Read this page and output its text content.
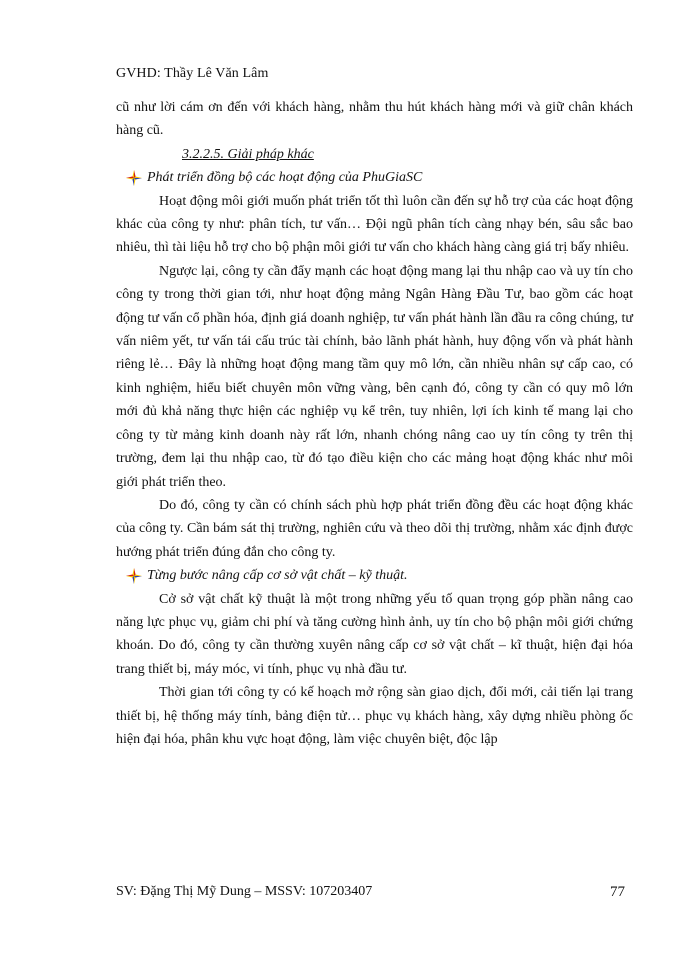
GVHD: Thầy Lê Văn Lâm

cũ như lời cám ơn đến với khách hàng, nhằm thu hút khách hàng mới và giữ chân khách hàng cũ.

3.2.2.5. Giải pháp khác

Phát triển đồng bộ các hoạt động của PhuGiaSC

Hoạt động môi giới muốn phát triển tốt thì luôn cần đến sự hỗ trợ của các hoạt động khác của công ty như: phân tích, tư vấn… Đội ngũ phân tích càng nhạy bén, sâu sắc bao nhiêu, thì tài liệu hỗ trợ cho bộ phận môi giới tư vấn cho khách hàng càng giá trị bấy nhiêu.

Ngược lại, công ty cần đẩy mạnh các hoạt động mang lại thu nhập cao và uy tín cho công ty trong thời gian tới, như hoạt động mảng Ngân Hàng Đầu Tư, bao gồm các hoạt động tư vấn cổ phần hóa, định giá doanh nghiệp, tư vấn phát hành lần đầu ra công chúng, tư vấn niêm yết, tư vấn tái cấu trúc tài chính, bảo lãnh phát hành, huy động vốn và phát hành riêng lẻ… Đây là những hoạt động mang tầm quy mô lớn, cần nhiều nhân sự cấp cao, có kinh nghiệm, hiểu biết chuyên môn vững vàng, bên cạnh đó, công ty cần có quy mô lớn mới đủ khả năng thực hiện các nghiệp vụ kể trên, tuy nhiên, lợi ích kinh tế mang lại cho công ty từ mảng kinh doanh này rất lớn, nhanh chóng nâng cao uy tín công ty trên thị trường, đem lại thu nhập cao, từ đó tạo điều kiện cho các mảng hoạt động khác như môi giới phát triển theo.

Do đó, công ty cần có chính sách phù hợp phát triển đồng đều các hoạt động khác của công ty. Cần bám sát thị trường, nghiên cứu và theo dõi thị trường, nhằm xác định được hướng phát triển đúng đắn cho công ty.

Từng bước nâng cấp cơ sở vật chất – kỹ thuật.

Cở sở vật chất kỹ thuật là một trong những yếu tố quan trọng góp phần nâng cao năng lực phục vụ, giảm chi phí và tăng cường hình ảnh, uy tín cho bộ phận môi giới chứng khoán. Do đó, công ty cần thường xuyên nâng cấp cơ sở vật chất – kĩ thuật, hiện đại hóa trang thiết bị, máy móc, vi tính, phục vụ nhà đầu tư.

Thời gian tới công ty có kế hoạch mở rộng sàn giao dịch, đổi mới, cải tiến lại trang thiết bị, hệ thống máy tính, bảng điện tử… phục vụ khách hàng, xây dựng nhiều phòng ốc hiện đại hóa, phân khu vực hoạt động, làm việc chuyên biệt, độc lập

SV: Đặng Thị Mỹ Dung – MSSV: 107203407	77
